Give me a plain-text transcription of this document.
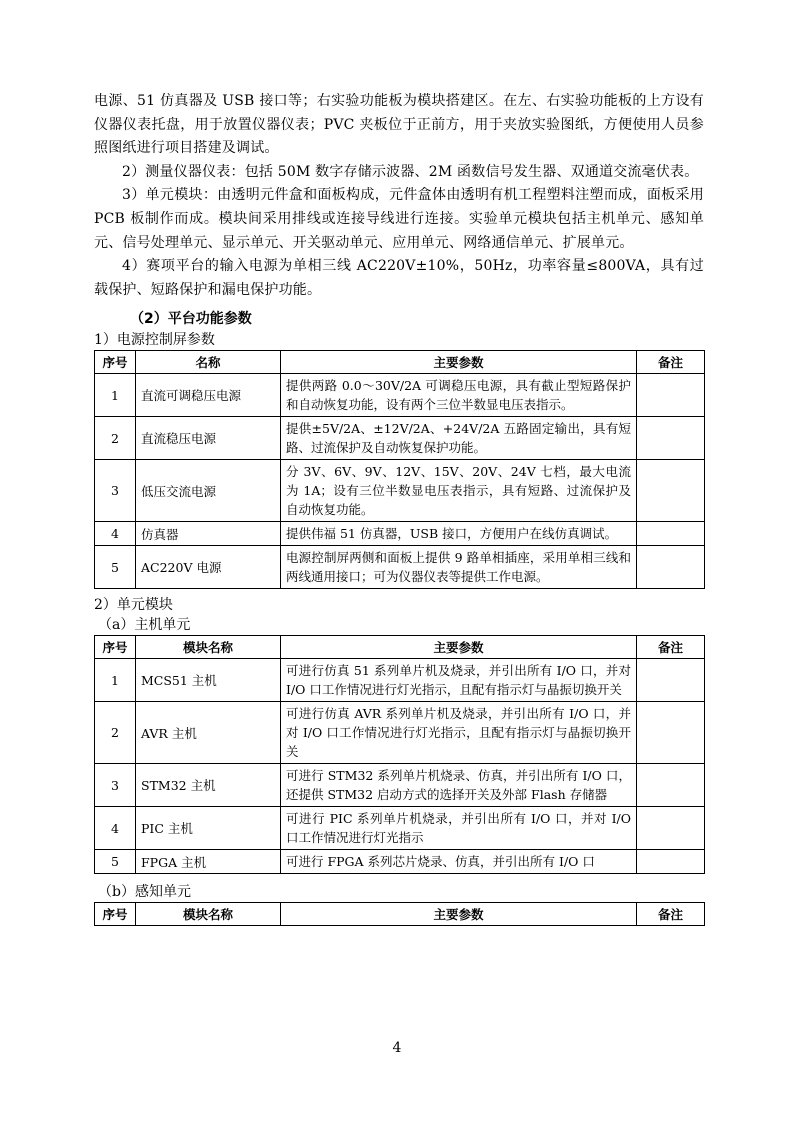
电源、51 仿真器及 USB 接口等；右实验功能板为模块搭建区。在左、右实验功能板的上方设有仪器仪表托盘，用于放置仪器仪表；PVC 夹板位于正前方，用于夹放实验图纸，方便使用人员参照图纸进行项目搭建及调试。

2）测量仪器仪表：包括 50M 数字存储示波器、2M 函数信号发生器、双通道交流毫伏表。

3）单元模块：由透明元件盒和面板构成，元件盒体由透明有机工程塑料注塑而成，面板采用 PCB 板制作而成。模块间采用排线或连接导线进行连接。实验单元模块包括主机单元、感知单元、信号处理单元、显示单元、开关驱动单元、应用单元、网络通信单元、扩展单元。

4）赛项平台的输入电源为单相三线 AC220V±10%，50Hz，功率容量≤800VA，具有过载保护、短路保护和漏电保护功能。

（2）平台功能参数
1）电源控制屏参数
序号	名称	主要参数	备注
1	直流可调稳压电源	提供两路 0.0～30V/2A 可调稳压电源，具有截止型短路保护和自动恢复功能，设有两个三位半数显电压表指示。	
2	直流稳压电源	提供±5V/2A、±12V/2A、+24V/2A 五路固定输出，具有短路、过流保护及自动恢复保护功能。	
3	低压交流电源	分 3V、6V、9V、12V、15V、20V、24V 七档，最大电流为 1A；设有三位半数显电压表指示，具有短路、过流保护及自动恢复功能。	
4	仿真器	提供伟福 51 仿真器，USB 接口，方便用户在线仿真调试。	
5	AC220V 电源	电源控制屏两侧和面板上提供 9 路单相插座，采用单相三线和两线通用接口；可为仪器仪表等提供工作电源。	
2）单元模块
（a）主机单元
序号	模块名称	主要参数	备注
1	MCS51 主机	可进行仿真 51 系列单片机及烧录，并引出所有 I/O 口，并对 I/O 口工作情况进行灯光指示，且配有指示灯与晶振切换开关	
2	AVR 主机	可进行仿真 AVR 系列单片机及烧录，并引出所有 I/O 口，并对 I/O 口工作情况进行灯光指示，且配有指示灯与晶振切换开关	
3	STM32 主机	可进行 STM32 系列单片机烧录、仿真，并引出所有 I/O 口，还提供 STM32 启动方式的选择开关及外部 Flash 存储器	
4	PIC 主机	可进行 PIC 系列单片机烧录，并引出所有 I/O 口，并对 I/O 口工作情况进行灯光指示	
5	FPGA 主机	可进行 FPGA 系列芯片烧录、仿真，并引出所有 I/O 口	
（b）感知单元
序号	模块名称	主要参数	备注
4
